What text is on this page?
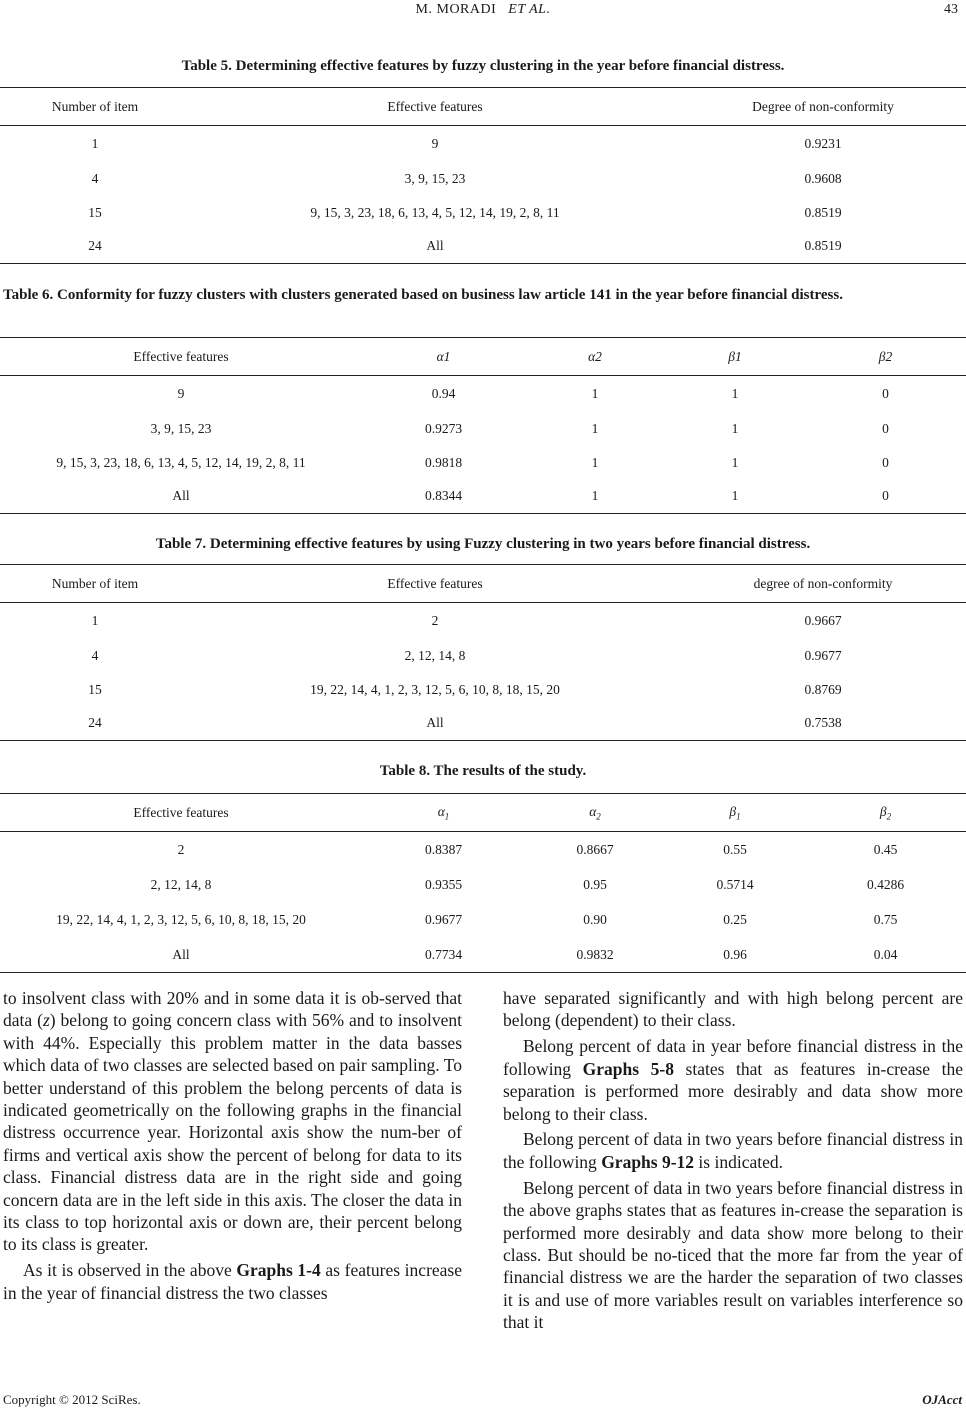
M. MORADI ET AL.	43
Table 5. Determining effective features by fuzzy clustering in the year before financial distress.
Number of item	Effective features	Degree of non-conformity
1	9	0.9231
4	3, 9, 15, 23	0.9608
15	9, 15, 3, 23, 18, 6, 13, 4, 5, 12, 14, 19, 2, 8, 11	0.8519
24	All	0.8519
Table 6. Conformity for fuzzy clusters with clusters generated based on business law article 141 in the year before financial distress.
Effective features	α1	α2	β1	β2
9	0.94	1	1	0
3, 9, 15, 23	0.9273	1	1	0
9, 15, 3, 23, 18, 6, 13, 4, 5, 12, 14, 19, 2, 8, 11	0.9818	1	1	0
All	0.8344	1	1	0
Table 7. Determining effective features by using Fuzzy clustering in two years before financial distress.
Number of item	Effective features	degree of non-conformity
1	2	0.9667
4	2, 12, 14, 8	0.9677
15	19, 22, 14, 4, 1, 2, 3, 12, 5, 6, 10, 8, 18, 15, 20	0.8769
24	All	0.7538
Table 8. The results of the study.
Effective features	$\alpha_1$	$\alpha_2$	$\beta_1$	$\beta_2$
2	0.8387	0.8667	0.55	0.45
2, 12, 14, 8	0.9355	0.95	0.5714	0.4286
19, 22, 14, 4, 1, 2, 3, 12, 5, 6, 10, 8, 18, 15, 20	0.9677	0.90	0.25	0.75
All	0.7734	0.9832	0.96	0.04

to insolvent class with 20% and in some data it is ob-served that data (z) belong to going concern class with 56% and to insolvent with 44%. Especially this problem matter in the data basses which data of two classes are selected based on pair sampling. To better understand of this problem the belong percents of data is indicated geometrically on the following graphs in the financial distress occurrence year. Horizontal axis show the num-ber of firms and vertical axis show the percent of belong for data to its class. Financial distress data are in the right side and going concern data are in the left side in this axis. The closer the data in its class to top horizontal axis or down are, their percent belong to its class is greater.

As it is observed in the above Graphs 1-4 as features increase in the year of financial distress the two classes

have separated significantly and with high belong percent are belong (dependent) to their class.

Belong percent of data in year before financial distress in the following Graphs 5-8 states that as features in-crease the separation is performed more desirably and data show more belong to their class.

Belong percent of data in two years before financial distress in the following Graphs 9-12 is indicated.

Belong percent of data in two years before financial distress in the above graphs states that as features in-crease the separation is performed more desirably and data show more belong to their class. But should be no-ticed that the more far from the year of financial distress we are the harder the separation of two classes it is and use of more variables result on variables interference so that it

Copyright © 2012 SciRes.	OJAcct
